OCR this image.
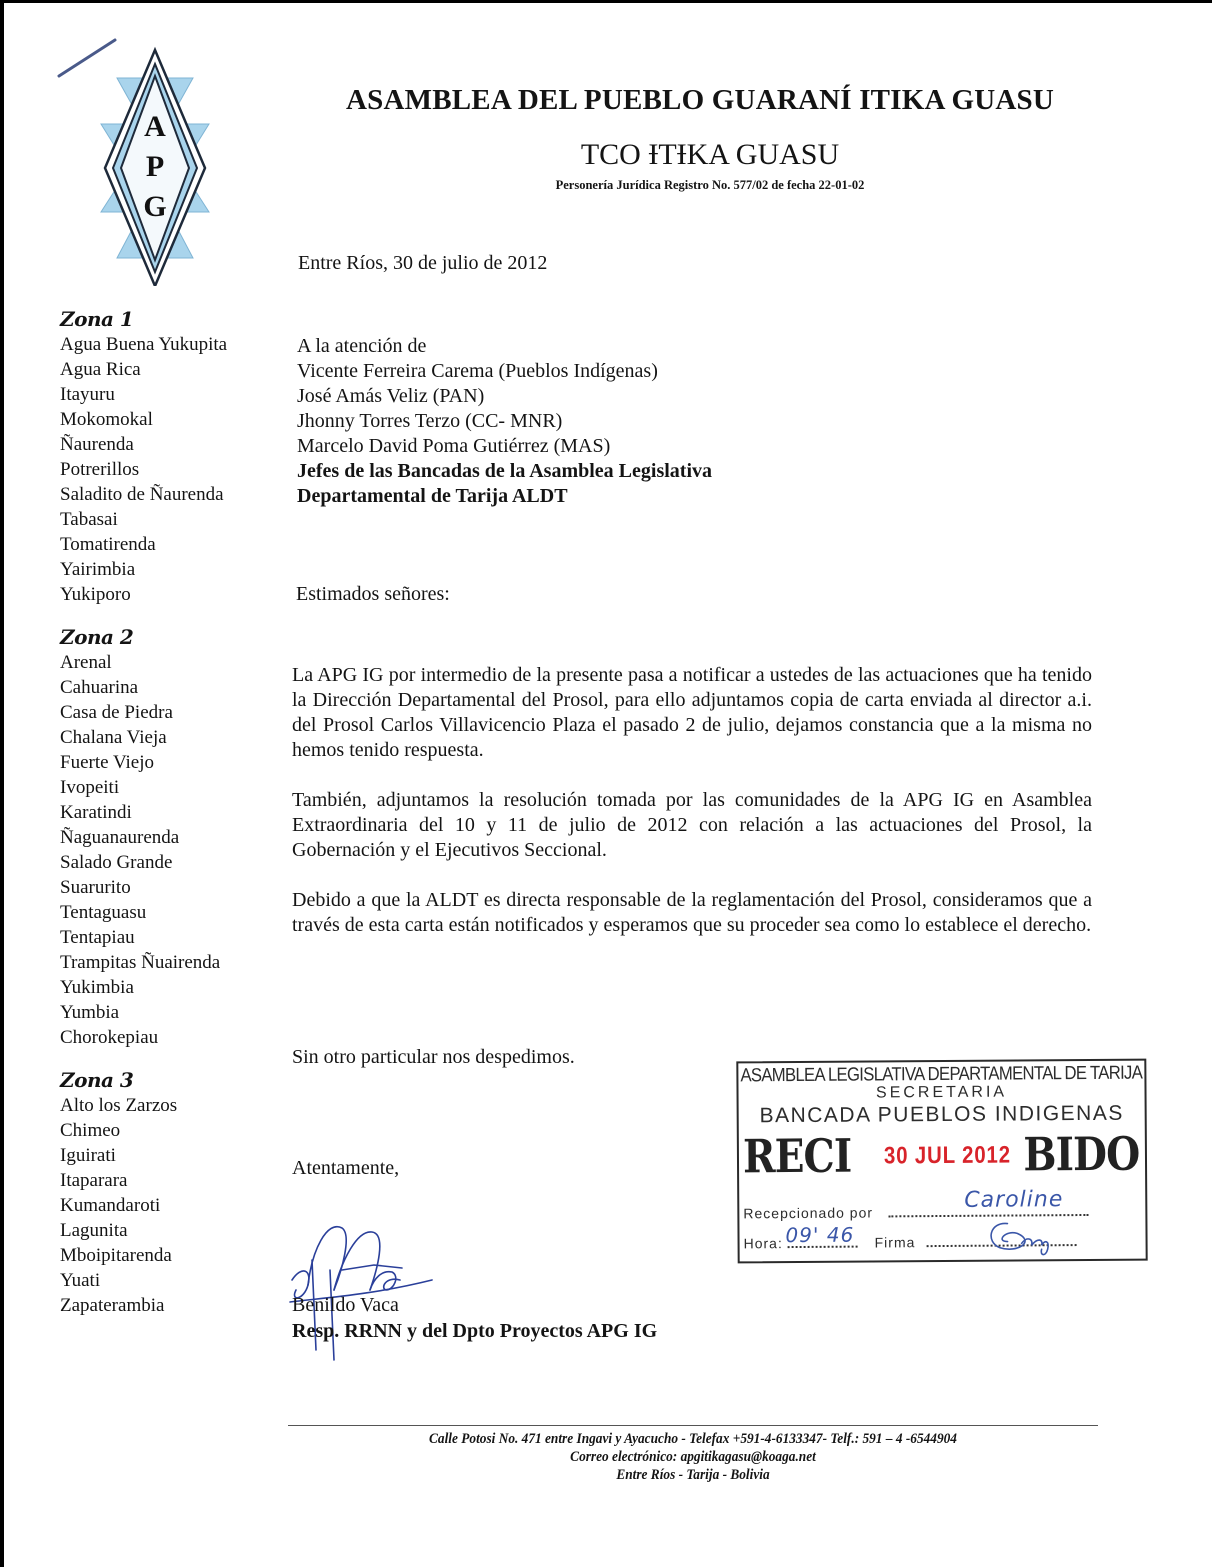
A
P
G
ASAMBLEA DEL PUEBLO GUARANÍ ITIKA GUASU
TCO ƗTƗKA GUASU
Personería Jurídica Registro No. 577/02 de fecha 22-01-02
Zona 1
Agua Buena Yukupita
Agua Rica
Itayuru
Mokomokal
Ñaurenda
Potrerillos
Saladito de Ñaurenda
Tabasai
Tomatirenda
Yairimbia
Yukiporo
Zona 2
Arenal
Cahuarina
Casa de Piedra
Chalana Vieja
Fuerte Viejo
Ivopeiti
Karatindi
Ñaguanaurenda
Salado Grande
Suarurito
Tentaguasu
Tentapiau
Trampitas Ñuairenda
Yukimbia
Yumbia
Chorokepiau
Zona 3
Alto los Zarzos
Chimeo
Iguirati
Itaparara
Kumandaroti
Lagunita
Mboipitarenda
Yuati
Zapaterambia
Entre Ríos, 30 de julio de 2012
A la atención de
Vicente Ferreira Carema (Pueblos Indígenas)
José Amás Veliz (PAN)
Jhonny Torres Terzo (CC- MNR)
Marcelo David Poma Gutiérrez (MAS)
Jefes de las Bancadas de la Asamblea Legislativa
Departamental de Tarija ALDT
Estimados señores:

La APG IG por intermedio de la presente pasa a notificar a ustedes de las actuaciones que ha tenido la Dirección Departamental del Prosol, para ello adjuntamos copia de carta enviada al director a.i. del Prosol Carlos Villavicencio Plaza el pasado 2 de julio, dejamos constancia que a la misma no hemos tenido respuesta.

También, adjuntamos la resolución tomada por las comunidades de la APG IG en Asamblea Extraordinaria del 10 y 11 de julio de 2012 con relación a las actuaciones del Prosol, la Gobernación y el Ejecutivos Seccional.

Debido a que la ALDT es directa responsable de la reglamentación del Prosol, consideramos que a través de esta carta están notificados y esperamos que su proceder sea como lo establece el derecho.

Sin otro particular nos despedimos.
Atentamente,
Benildo Vaca
Resp. RRNN y del Dpto Proyectos APG IG
ASAMBLEA LEGISLATIVA DEPARTAMENTAL DE TARIJA
SECRETARIA
BANCADA PUEBLOS INDIGENAS
RECI 30 JUL 2012 BIDO
Recepcionado por
Caroline
Hora:	Firma
09' 46
Calle Potosi No. 471 entre Ingavi y Ayacucho - Telefax +591-4-6133347- Telf.: 591 – 4 -6544904
Correo electrónico: apgitikagasu@koaga.net
Entre Ríos - Tarija - Bolivia
